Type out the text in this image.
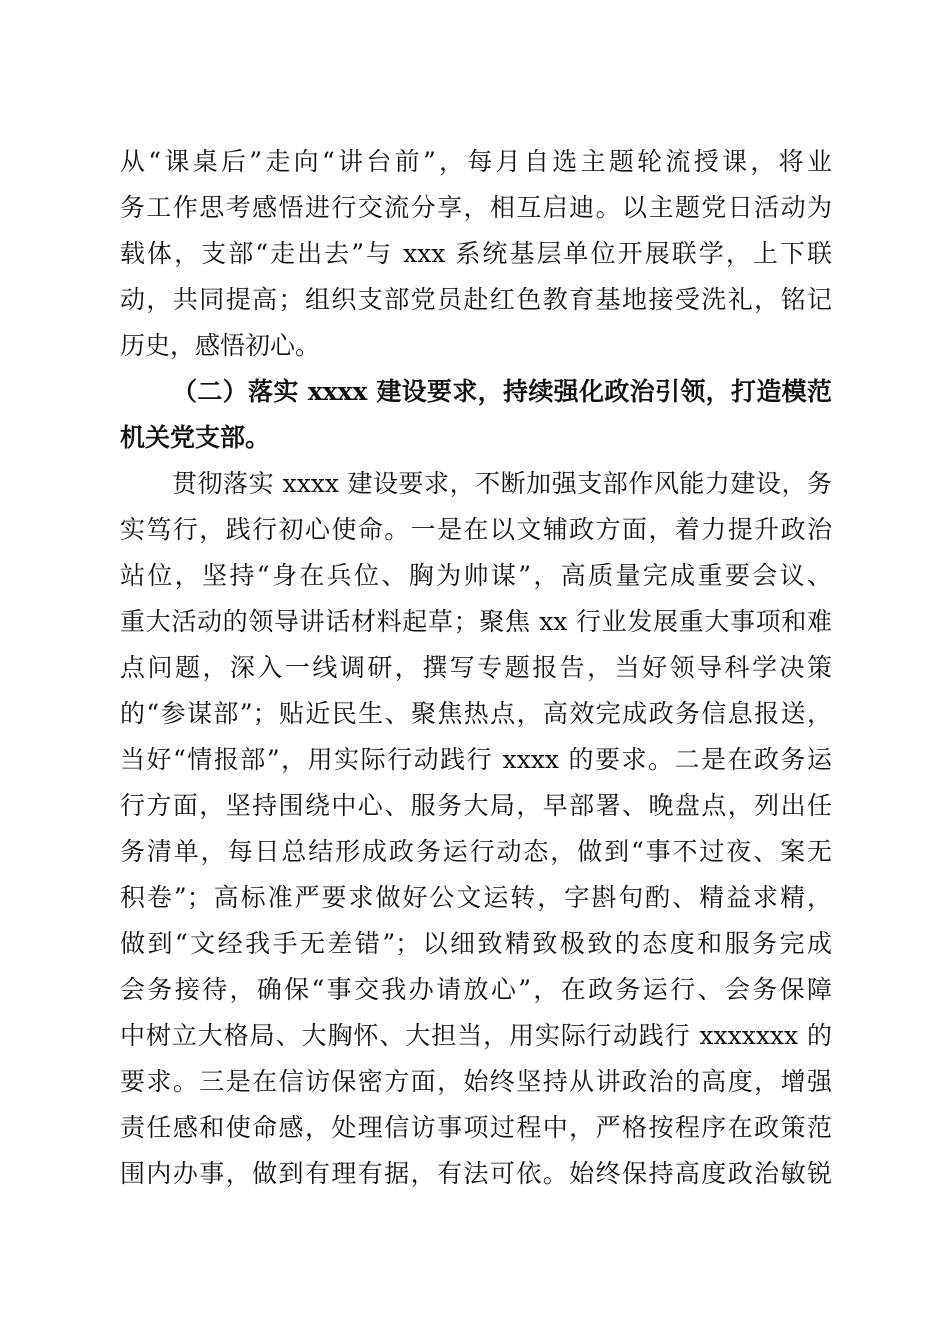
从“课桌后”走向“讲台前”，每月自选主题轮流授课，将业
务工作思考感悟进行交流分享，相互启迪。以主题党日活动为
载体，支部“走出去”与 xxx 系统基层单位开展联学，上下联
动，共同提高；组织支部党员赴红色教育基地接受洗礼，铭记
历史，感悟初心。
（二）落实 xxxx 建设要求，持续强化政治引领，打造模范
机关党支部。
贯彻落实 xxxx 建设要求，不断加强支部作风能力建设，务
实笃行，践行初心使命。一是在以文辅政方面，着力提升政治
站位，坚持“身在兵位、胸为帅谋”，高质量完成重要会议、
重大活动的领导讲话材料起草；聚焦 xx 行业发展重大事项和难
点问题，深入一线调研，撰写专题报告，当好领导科学决策
的“参谋部”；贴近民生、聚焦热点，高效完成政务信息报送，
当好“情报部”，用实际行动践行 xxxx 的要求。二是在政务运
行方面，坚持围绕中心、服务大局，早部署、晚盘点，列出任
务清单，每日总结形成政务运行动态，做到“事不过夜、案无
积卷”；高标准严要求做好公文运转，字斟句酌、精益求精，
做到“文经我手无差错”；以细致精致极致的态度和服务完成
会务接待，确保“事交我办请放心”，在政务运行、会务保障
中树立大格局、大胸怀、大担当，用实际行动践行 xxxxxxx 的
要求。三是在信访保密方面，始终坚持从讲政治的高度，增强
责任感和使命感，处理信访事项过程中，严格按程序在政策范
围内办事，做到有理有据，有法可依。始终保持高度政治敏锐
